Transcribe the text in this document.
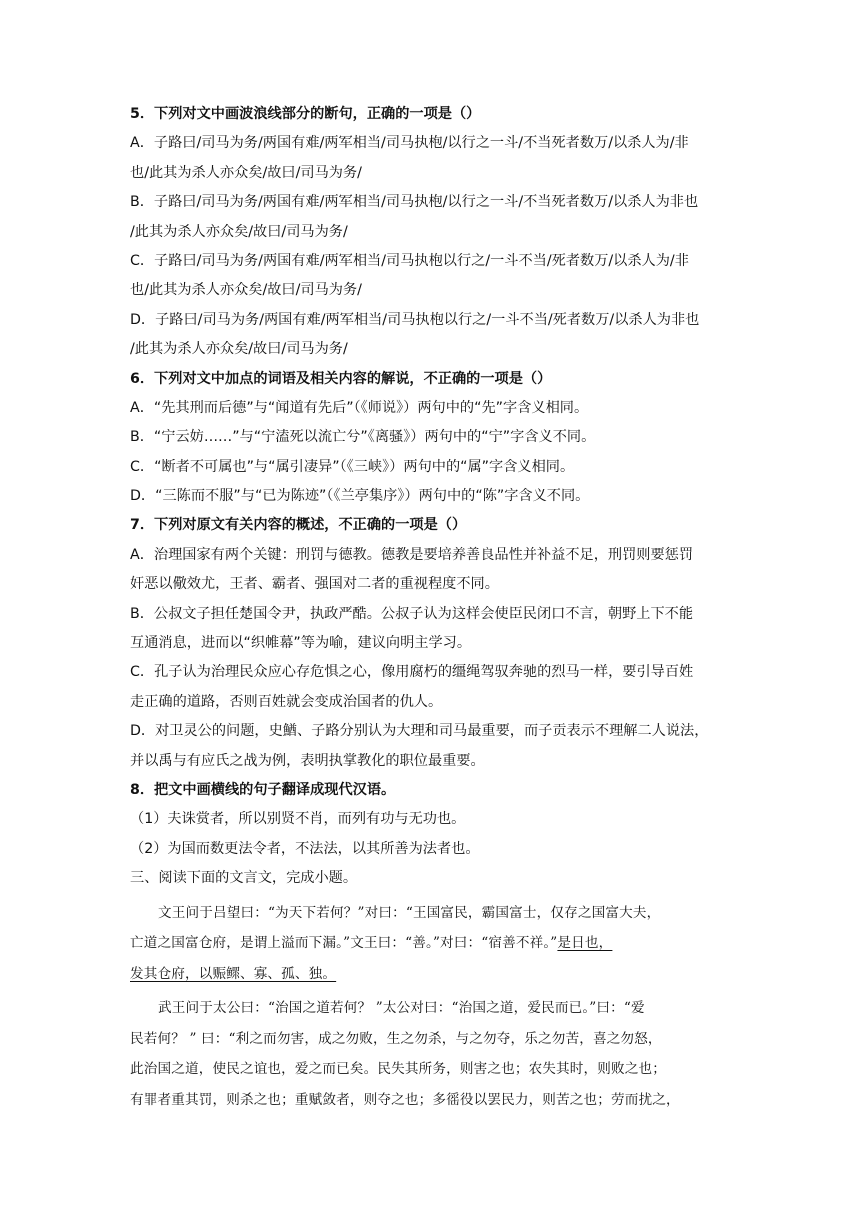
5．下列对文中画波浪线部分的断句，正确的一项是（）
A．子路曰/司马为务/两国有难/两军相当/司马执枹/以行之一斗/不当死者数万/以杀人为/非
也/此其为杀人亦众矣/故曰/司马为务/
B．子路曰/司马为务/两国有难/两军相当/司马执枹/以行之一斗/不当死者数万/以杀人为非也
/此其为杀人亦众矣/故曰/司马为务/
C．子路曰/司马为务/两国有难/两军相当/司马执枹以行之/一斗不当/死者数万/以杀人为/非
也/此其为杀人亦众矣/故曰/司马为务/
D．子路曰/司马为务/两国有难/两军相当/司马执枹以行之/一斗不当/死者数万/以杀人为非也
/此其为杀人亦众矣/故曰/司马为务/
6．下列对文中加点的词语及相关内容的解说，不正确的一项是（）
A．“先其刑而后德”与“闻道有先后”（《师说》）两句中的“先”字含义相同。
B．“宁云妨……”与“宁溘死以流亡兮”《离骚》）两句中的“宁”字含义不同。
C．“断者不可属也”与“属引凄异”（《三峡》）两句中的“属”字含义相同。
D．“三陈而不服”与“已为陈迹”（《兰亭集序》）两句中的“陈”字含义不同。
7．下列对原文有关内容的概述，不正确的一项是（）
A．治理国家有两个关键：刑罚与德教。德教是要培养善良品性并补益不足，刑罚则要惩罚
奸恶以儆效尤，王者、霸者、强国对二者的重视程度不同。
B．公叔文子担任楚国令尹，执政严酷。公叔子认为这样会使臣民闭口不言，朝野上下不能
互通消息，进而以“织帷幕”等为喻，建议向明主学习。
C．孔子认为治理民众应心存危惧之心，像用腐朽的缰绳驾驭奔驰的烈马一样，要引导百姓
走正确的道路，否则百姓就会变成治国者的仇人。
D．对卫灵公的问题，史鰌、子路分别认为大理和司马最重要，而子贡表示不理解二人说法，
并以禹与有应氏之战为例，表明执掌教化的职位最重要。
8．把文中画横线的句子翻译成现代汉语。
（1）夫诛赏者，所以别贤不肖，而列有功与无功也。
（2）为国而数更法令者，不法法，以其所善为法者也。
三、阅读下面的文言文，完成小题。
文王问于吕望曰：“为天下若何？”对曰：“王国富民，霸国富士，仅存之国富大夫，
亡道之国富仓府，是谓上溢而下漏。”文王曰：“善。”对曰：“宿善不祥。”是日也，
发其仓府，以赈鳏、寡、孤、独。
武王问于太公曰：“治国之道若何？ ”太公对曰：“治国之道，爱民而已。”曰：“爱
民若何？ ” 曰：“利之而勿害，成之勿败，生之勿杀，与之勿夺，乐之勿苦，喜之勿怒，
此治国之道，使民之谊也，爱之而已矣。民失其所务，则害之也；农失其时，则败之也；
有罪者重其罚，则杀之也；重赋敛者，则夺之也；多徭役以罢民力，则苦之也；劳而扰之，
